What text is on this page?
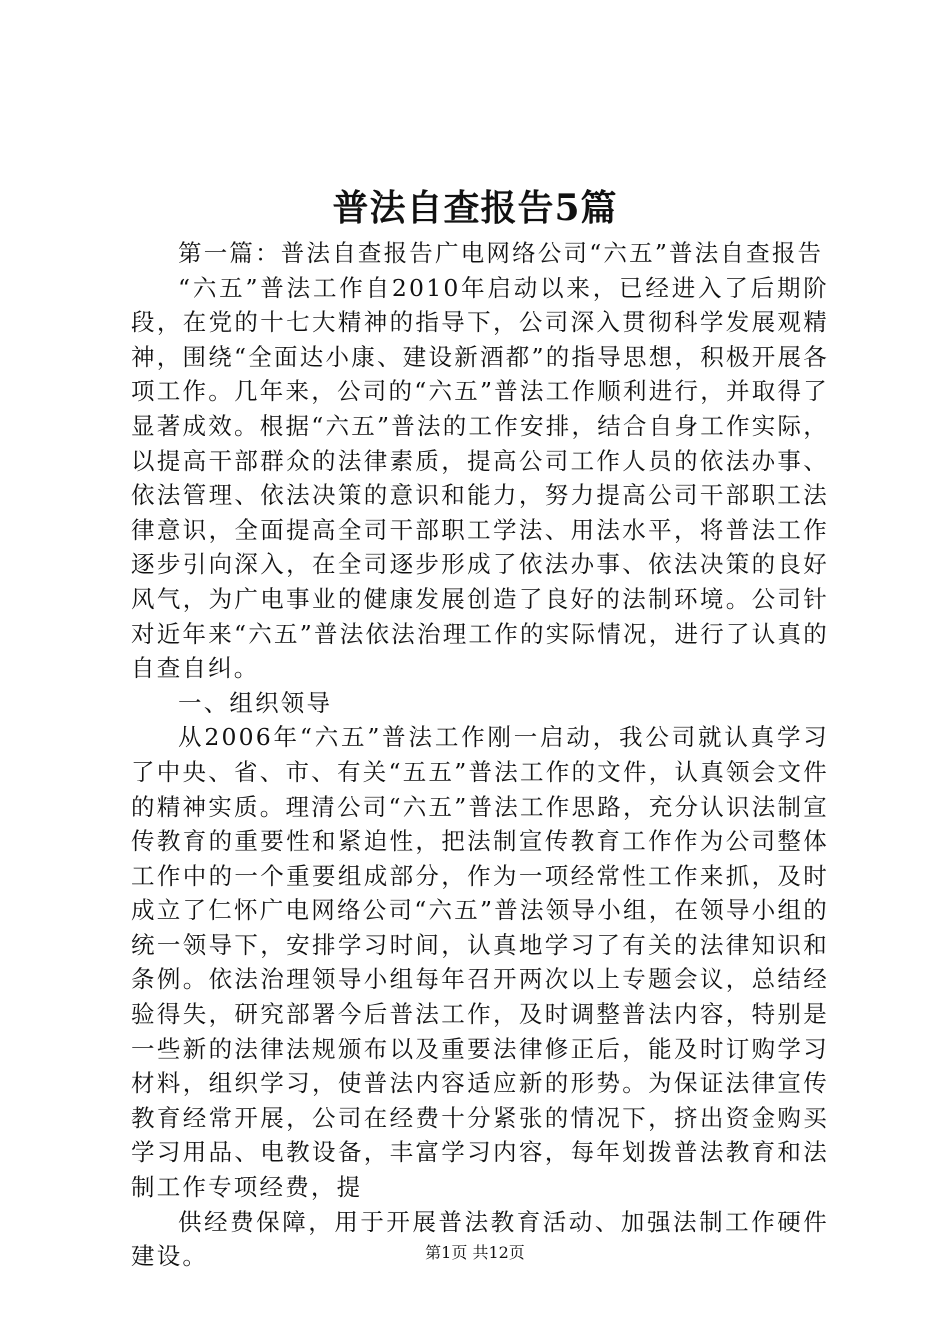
普法自查报告5篇

第一篇：普法自查报告广电网络公司“六五”普法自查报告

“六五”普法工作自2010年启动以来，已经进入了后期阶段，在党的十七大精神的指导下，公司深入贯彻科学发展观精神，围绕“全面达小康、建设新酒都”的指导思想，积极开展各项工作。几年来，公司的“六五”普法工作顺利进行，并取得了显著成效。根据“六五”普法的工作安排，结合自身工作实际，以提高干部群众的法律素质，提高公司工作人员的依法办事、依法管理、依法决策的意识和能力，努力提高公司干部职工法律意识，全面提高全司干部职工学法、用法水平，将普法工作逐步引向深入，在全司逐步形成了依法办事、依法决策的良好风气，为广电事业的健康发展创造了良好的法制环境。公司针对近年来“六五”普法依法治理工作的实际情况，进行了认真的自查自纠。

一、组织领导

从2006年“六五”普法工作刚一启动，我公司就认真学习了中央、省、市、有关“五五”普法工作的文件，认真领会文件的精神实质。理清公司“六五”普法工作思路，充分认识法制宣传教育的重要性和紧迫性，把法制宣传教育工作作为公司整体工作中的一个重要组成部分，作为一项经常性工作来抓，及时成立了仁怀广电网络公司“六五”普法领导小组，在领导小组的统一领导下，安排学习时间，认真地学习了有关的法律知识和条例。依法治理领导小组每年召开两次以上专题会议，总结经验得失，研究部署今后普法工作，及时调整普法内容，特别是一些新的法律法规颁布以及重要法律修正后，能及时订购学习材料，组织学习，使普法内容适应新的形势。为保证法律宣传教育经常开展，公司在经费十分紧张的情况下，挤出资金购买学习用品、电教设备，丰富学习内容，每年划拨普法教育和法制工作专项经费，提

供经费保障，用于开展普法教育活动、加强法制工作硬件建设。	第1页 共12页
